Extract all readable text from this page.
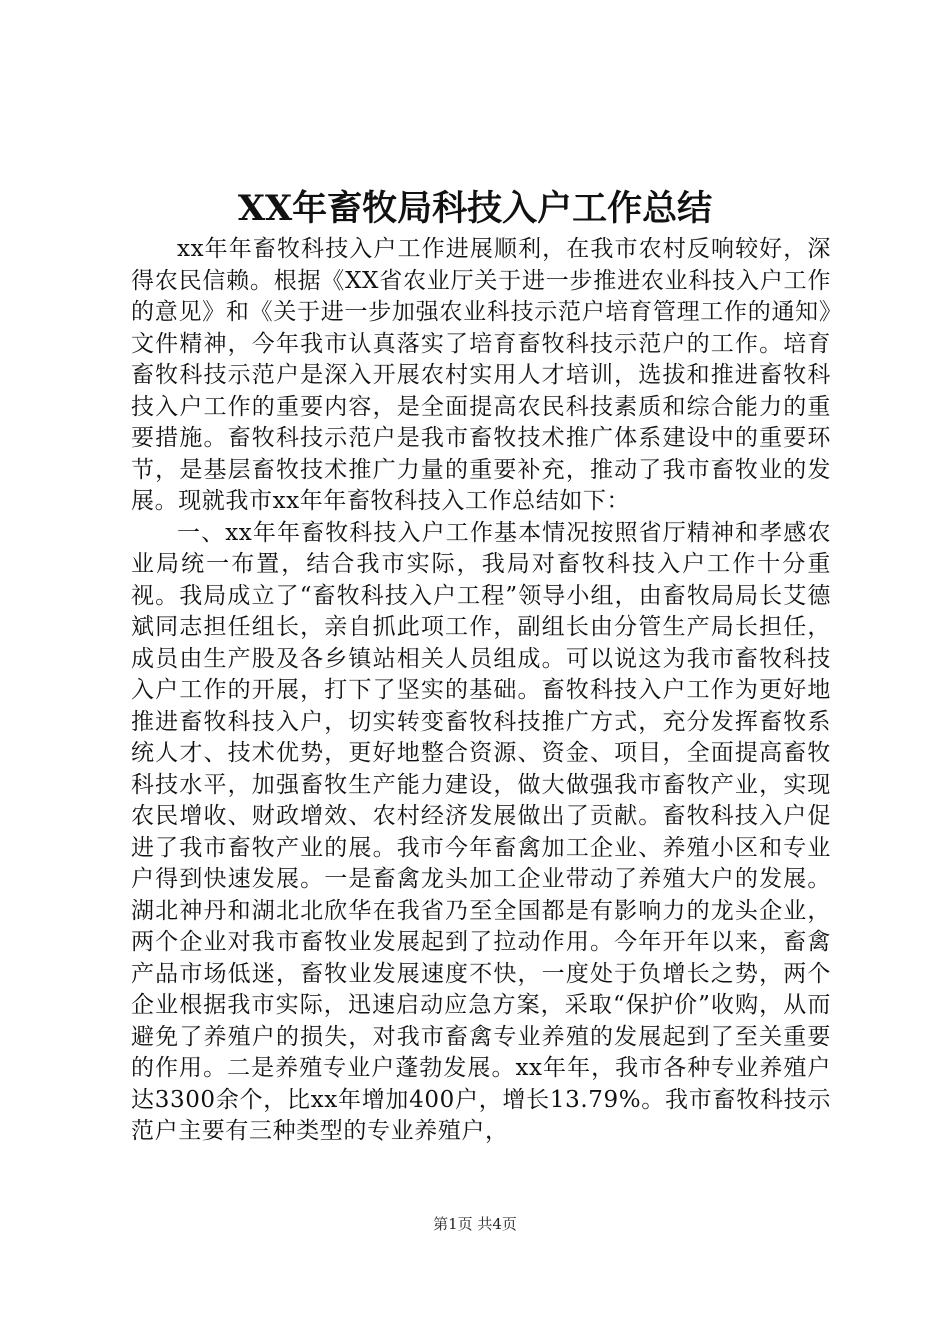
XX年畜牧局科技入户工作总结

xx年年畜牧科技入户工作进展顺利，在我市农村反响较好，深得农民信赖。根据《XX省农业厅关于进一步推进农业科技入户工作的意见》和《关于进一步加强农业科技示范户培育管理工作的通知》文件精神，今年我市认真落实了培育畜牧科技示范户的工作。培育畜牧科技示范户是深入开展农村实用人才培训，选拔和推进畜牧科技入户工作的重要内容，是全面提高农民科技素质和综合能力的重要措施。畜牧科技示范户是我市畜牧技术推广体系建设中的重要环节，是基层畜牧技术推广力量的重要补充，推动了我市畜牧业的发展。现就我市xx年年畜牧科技入工作总结如下：

一、xx年年畜牧科技入户工作基本情况按照省厅精神和孝感农业局统一布置，结合我市实际，我局对畜牧科技入户工作十分重视。我局成立了“畜牧科技入户工程”领导小组，由畜牧局局长艾德斌同志担任组长，亲自抓此项工作，副组长由分管生产局长担任，成员由生产股及各乡镇站相关人员组成。可以说这为我市畜牧科技入户工作的开展，打下了坚实的基础。畜牧科技入户工作为更好地推进畜牧科技入户，切实转变畜牧科技推广方式，充分发挥畜牧系统人才、技术优势，更好地整合资源、资金、项目，全面提高畜牧科技水平，加强畜牧生产能力建设，做大做强我市畜牧产业，实现农民增收、财政增效、农村经济发展做出了贡献。畜牧科技入户促进了我市畜牧产业的展。我市今年畜禽加工企业、养殖小区和专业户得到快速发展。一是畜禽龙头加工企业带动了养殖大户的发展。湖北神丹和湖北北欣华在我省乃至全国都是有影响力的龙头企业，两个企业对我市畜牧业发展起到了拉动作用。今年开年以来，畜禽产品市场低迷，畜牧业发展速度不快，一度处于负增长之势，两个企业根据我市实际，迅速启动应急方案，采取“保护价”收购，从而避免了养殖户的损失，对我市畜禽专业养殖的发展起到了至关重要的作用。二是养殖专业户蓬勃发展。xx年年，我市各种专业养殖户达3300余个，比xx年增加400户，增长13.79%。我市畜牧科技示范户主要有三种类型的专业养殖户，

第1页 共4页
